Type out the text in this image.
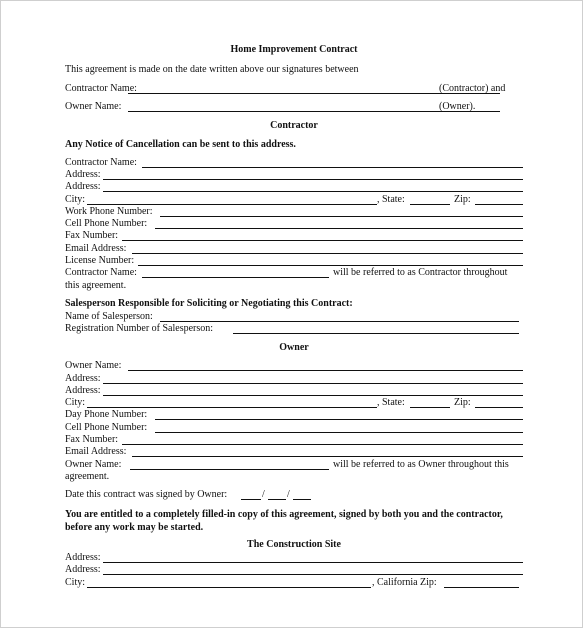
Home Improvement Contract
This agreement is made on the date written above our signatures between
Contractor Name:	(Contractor) and
Owner Name:	(Owner).
Contractor
Any Notice of Cancellation can be sent to this address.
Contractor Name:
Address:
Address:
City:	, State:	Zip:
Work Phone Number:
Cell Phone Number:
Fax Number:
Email Address:
License Number:
Contractor Name:	will be referred to as Contractor throughout
this agreement.
Salesperson Responsible for Soliciting or Negotiating this Contract:
Name of Salesperson:
Registration Number of Salesperson:
Owner
Owner Name:
Address:
Address:
City:	, State:	Zip:
Day Phone Number:
Cell Phone Number:
Fax Number:
Email Address:
Owner Name:	will be referred to as Owner throughout this
agreement.
Date this contract was signed by Owner:	/ /
You are entitled to a completely filled-in copy of this agreement, signed by both you and the contractor, before any work may be started.
The Construction Site
Address:
Address:
City:	, California Zip:
